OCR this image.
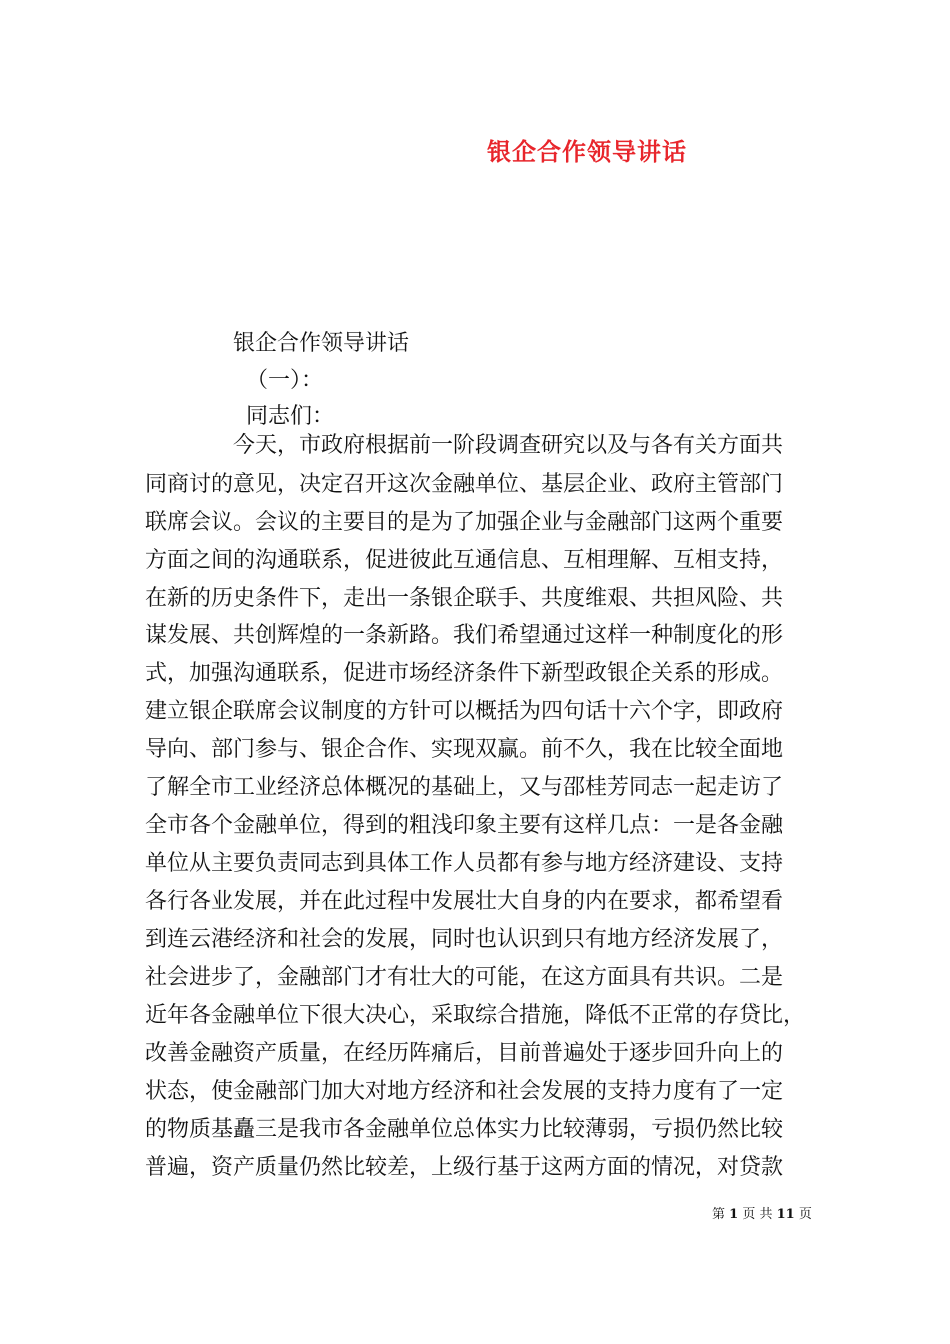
银企合作领导讲话
银企合作领导讲话
（一）：
同志们：
今天，市政府根据前一阶段调查研究以及与各有关方面共
同商讨的意见，决定召开这次金融单位、基层企业、政府主管部门
联席会议。会议的主要目的是为了加强企业与金融部门这两个重要
方面之间的沟通联系，促进彼此互通信息、互相理解、互相支持，
在新的历史条件下，走出一条银企联手、共度维艰、共担风险、共
谋发展、共创辉煌的一条新路。我们希望通过这样一种制度化的形
式，加强沟通联系，促进市场经济条件下新型政银企关系的形成。
建立银企联席会议制度的方针可以概括为四句话十六个字，即政府
导向、部门参与、银企合作、实现双赢。前不久，我在比较全面地
了解全市工业经济总体概况的基础上，又与邵桂芳同志一起走访了
全市各个金融单位，得到的粗浅印象主要有这样几点：一是各金融
单位从主要负责同志到具体工作人员都有参与地方经济建设、支持
各行各业发展，并在此过程中发展壮大自身的内在要求，都希望看
到连云港经济和社会的发展，同时也认识到只有地方经济发展了，
社会进步了，金融部门才有壮大的可能，在这方面具有共识。二是
近年各金融单位下很大决心，采取综合措施，降低不正常的存贷比，
改善金融资产质量，在经历阵痛后，目前普遍处于逐步回升向上的
状态，使金融部门加大对地方经济和社会发展的支持力度有了一定
的物质基矗三是我市各金融单位总体实力比较薄弱，亏损仍然比较
普遍，资产质量仍然比较差，上级行基于这两方面的情况，对贷款
第 1 页 共 11 页
